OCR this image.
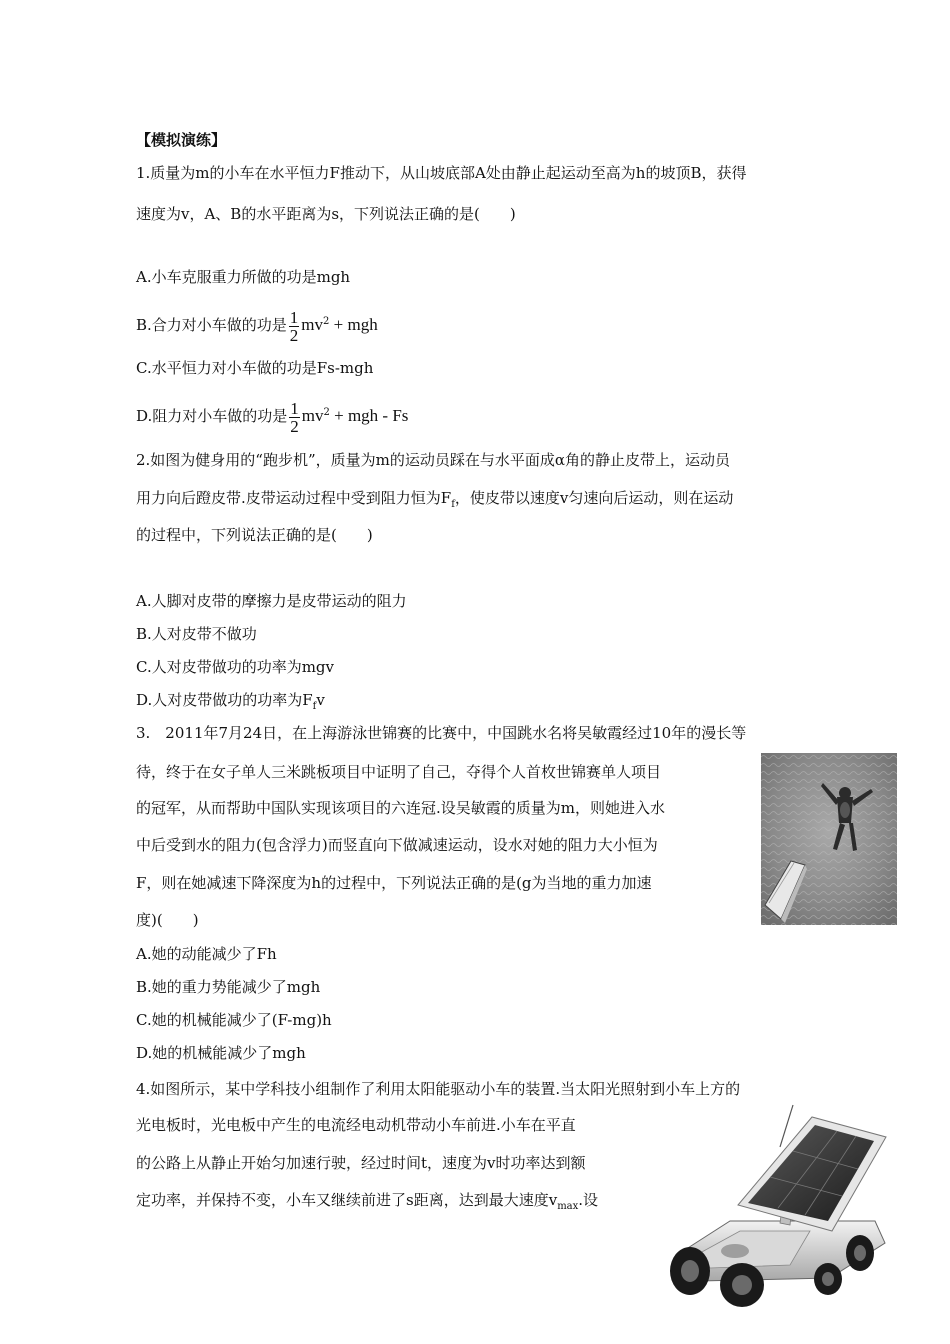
【模拟演练】
1.质量为m的小车在水平恒力F推动下，从山坡底部A处由静止起运动至高为h的坡顶B，获得
速度为v，A、B的水平距离为s，下列说法正确的是(　　)
A.小车克服重力所做的功是mgh
B.合力对小车做的功是 $\frac{1}{2} mv^2$ + mgh
C.水平恒力对小车做的功是Fs-mgh
D.阻力对小车做的功是 $\frac{1}{2} mv^2$ + mgh - Fs
2.如图为健身用的“跑步机”，质量为m的运动员踩在与水平面成α角的静止皮带上，运动员
用力向后蹬皮带.皮带运动过程中受到阻力恒为$F_f$，使皮带以速度v匀速向后运动，则在运动
的过程中，下列说法正确的是(　　)
A.人脚对皮带的摩擦力是皮带运动的阻力
B.人对皮带不做功
C.人对皮带做功的功率为mgv
D.人对皮带做功的功率为$F_fv$
3.　2011年7月24日，在上海游泳世锦赛的比赛中，中国跳水名将吴敏霞经过10年的漫长等
待，终于在女子单人三米跳板项目中证明了自己，夺得个人首枚世锦赛单人项目
的冠军，从而帮助中国队实现该项目的六连冠.设吴敏霞的质量为m，则她进入水
中后受到水的阻力(包含浮力)而竖直向下做减速运动，设水对她的阻力大小恒为
F，则在她减速下降深度为h的过程中，下列说法正确的是(g为当地的重力加速
度)(　　)
A.她的动能减少了Fh
B.她的重力势能减少了mgh
C.她的机械能减少了(F-mg)h
D.她的机械能减少了mgh
4.如图所示，某中学科技小组制作了利用太阳能驱动小车的装置.当太阳光照射到小车上方的
光电板时，光电板中产生的电流经电动机带动小车前进.小车在平直
的公路上从静止开始匀加速行驶，经过时间t，速度为v时功率达到额
定功率，并保持不变，小车又继续前进了s距离，达到最大速度$v_{max}$.设
